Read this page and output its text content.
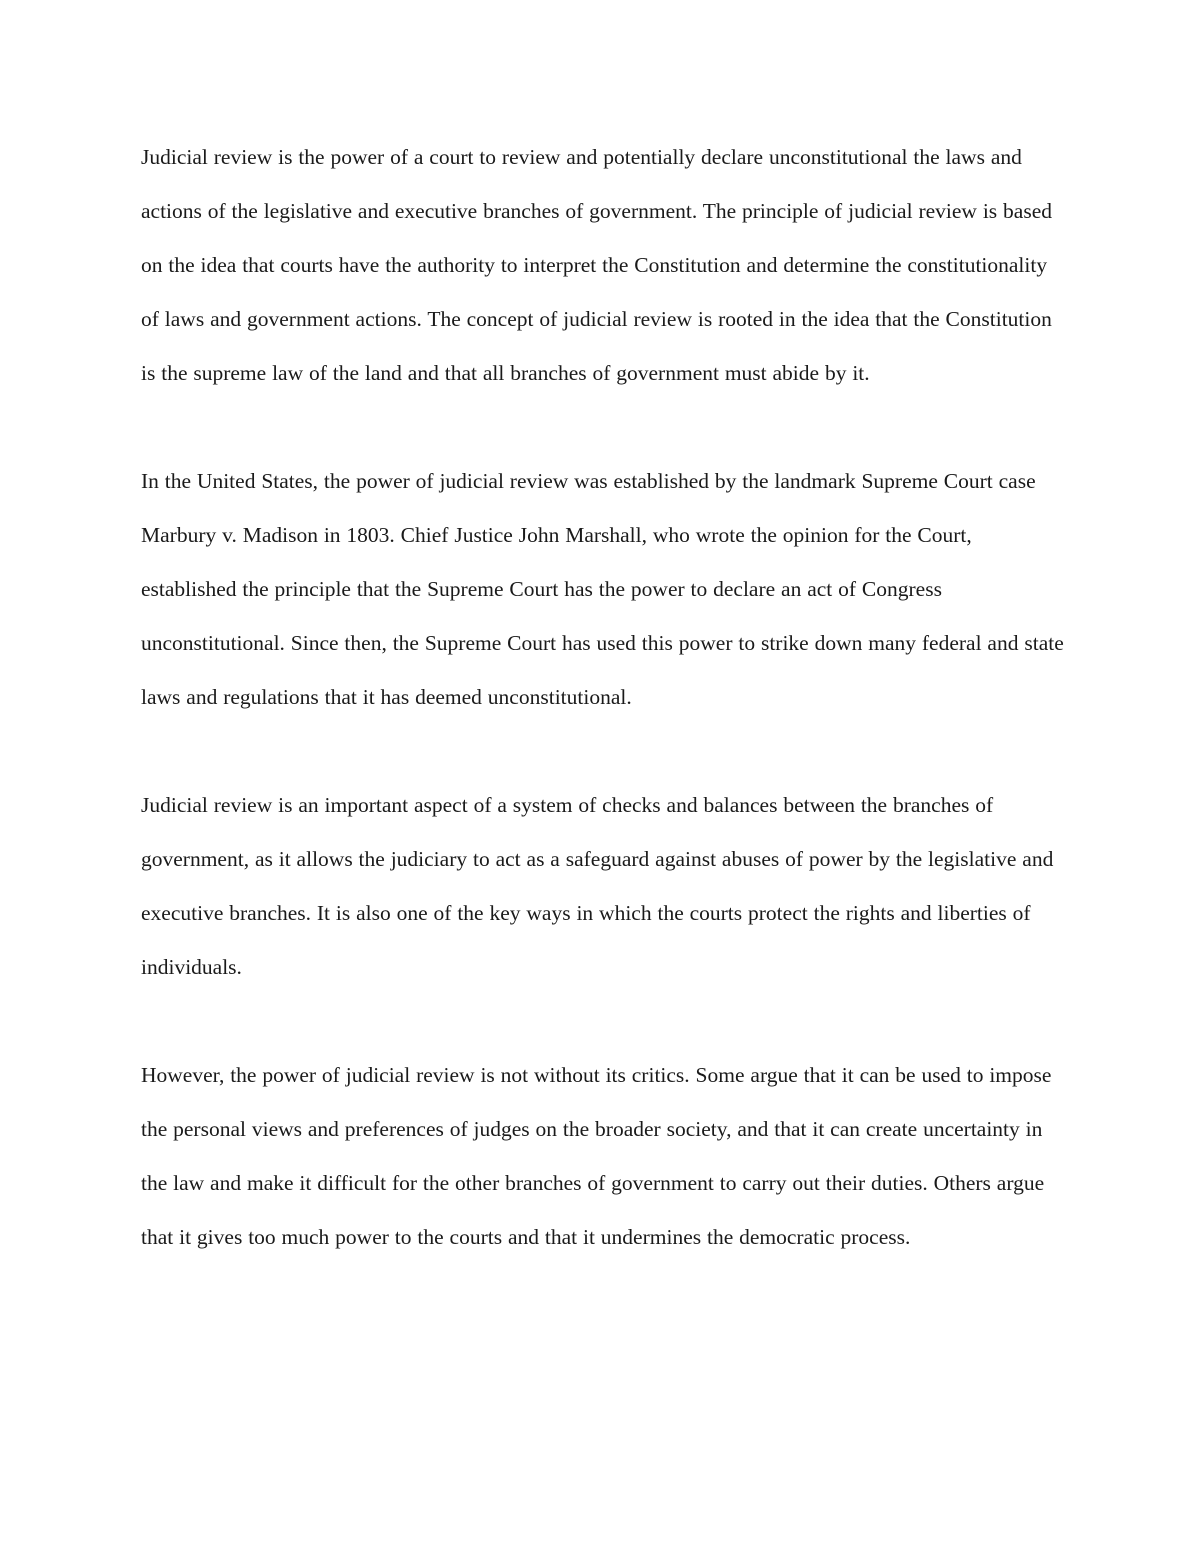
Judicial review is the power of a court to review and potentially declare unconstitutional the laws and actions of the legislative and executive branches of government. The principle of judicial review is based on the idea that courts have the authority to interpret the Constitution and determine the constitutionality of laws and government actions. The concept of judicial review is rooted in the idea that the Constitution is the supreme law of the land and that all branches of government must abide by it.

In the United States, the power of judicial review was established by the landmark Supreme Court case Marbury v. Madison in 1803. Chief Justice John Marshall, who wrote the opinion for the Court, established the principle that the Supreme Court has the power to declare an act of Congress unconstitutional. Since then, the Supreme Court has used this power to strike down many federal and state laws and regulations that it has deemed unconstitutional.

Judicial review is an important aspect of a system of checks and balances between the branches of government, as it allows the judiciary to act as a safeguard against abuses of power by the legislative and executive branches. It is also one of the key ways in which the courts protect the rights and liberties of individuals.

However, the power of judicial review is not without its critics. Some argue that it can be used to impose the personal views and preferences of judges on the broader society, and that it can create uncertainty in the law and make it difficult for the other branches of government to carry out their duties. Others argue that it gives too much power to the courts and that it undermines the democratic process.
